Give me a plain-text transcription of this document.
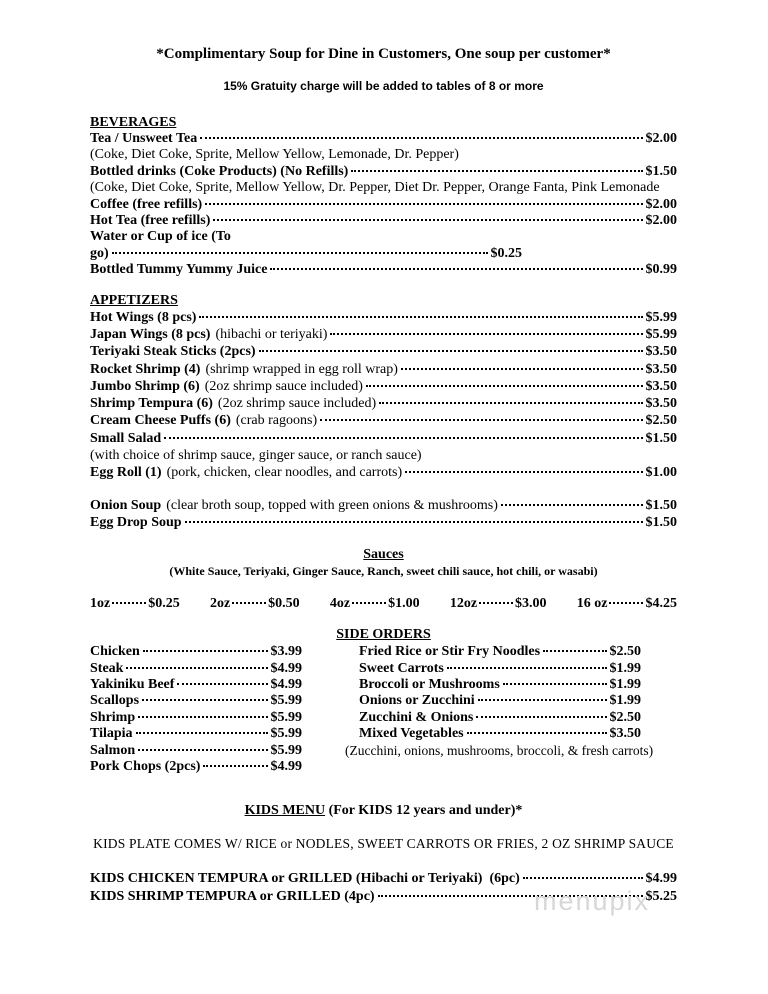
*Complimentary Soup for Dine in Customers, One soup per customer*
15% Gratuity charge will be added to tables of 8 or more
BEVERAGES
Tea / Unsweet Tea	$2.00
(Coke, Diet Coke, Sprite, Mellow Yellow, Lemonade, Dr. Pepper)
Bottled drinks (Coke Products) (No Refills)	$1.50
(Coke, Diet Coke, Sprite, Mellow Yellow, Dr. Pepper, Diet Dr. Pepper, Orange Fanta, Pink Lemonade
Coffee (free refills)	$2.00
Hot Tea (free refills)	$2.00
Water or Cup of ice (To
go)	$0.25
Bottled Tummy Yummy Juice	$0.99
APPETIZERS
Hot Wings (8 pcs)	$5.99
Japan Wings (8 pcs) (hibachi or teriyaki)	$5.99
Teriyaki Steak Sticks (2pcs)	$3.50
Rocket Shrimp (4) (shrimp wrapped in egg roll wrap)	$3.50
Jumbo Shrimp (6) (2oz shrimp sauce included)	$3.50
Shrimp Tempura (6) (2oz shrimp sauce included)	$3.50
Cream Cheese Puffs (6) (crab ragoons)	$2.50
Small Salad	$1.50
(with choice of shrimp sauce, ginger sauce, or ranch sauce)
Egg Roll (1) (pork, chicken, clear noodles, and carrots)	$1.00
Onion Soup (clear broth soup, topped with green onions & mushrooms)	$1.50
Egg Drop Soup	$1.50
Sauces
(White Sauce, Teriyaki, Ginger Sauce, Ranch, sweet chili sauce, hot chili, or wasabi)
1oz	$0.25 2oz	$0.50 4oz	$1.00 12oz	$3.00 16 oz	$4.25
SIDE ORDERS
Chicken	$3.99
Steak	$4.99
Yakiniku Beef	$4.99
Scallops	$5.99
Shrimp	$5.99
Tilapia	$5.99
Salmon	$5.99
Pork Chops (2pcs)	$4.99
Fried Rice or Stir Fry Noodles	$2.50
Sweet Carrots	$1.99
Broccoli or Mushrooms	$1.99
Onions or Zucchini	$1.99
Zucchini & Onions	$2.50
Mixed Vegetables	$3.50
(Zucchini, onions, mushrooms, broccoli, & fresh carrots)
KIDS MENU (For KIDS 12 years and under)*
KIDS PLATE COMES W/ RICE or NODLES, SWEET CARROTS OR FRIES, 2 OZ SHRIMP SAUCE
KIDS CHICKEN TEMPURA or GRILLED (Hibachi or Teriyaki)  (6pc)	$4.99
KIDS SHRIMP TEMPURA or GRILLED (4pc)	$5.25
menupix
